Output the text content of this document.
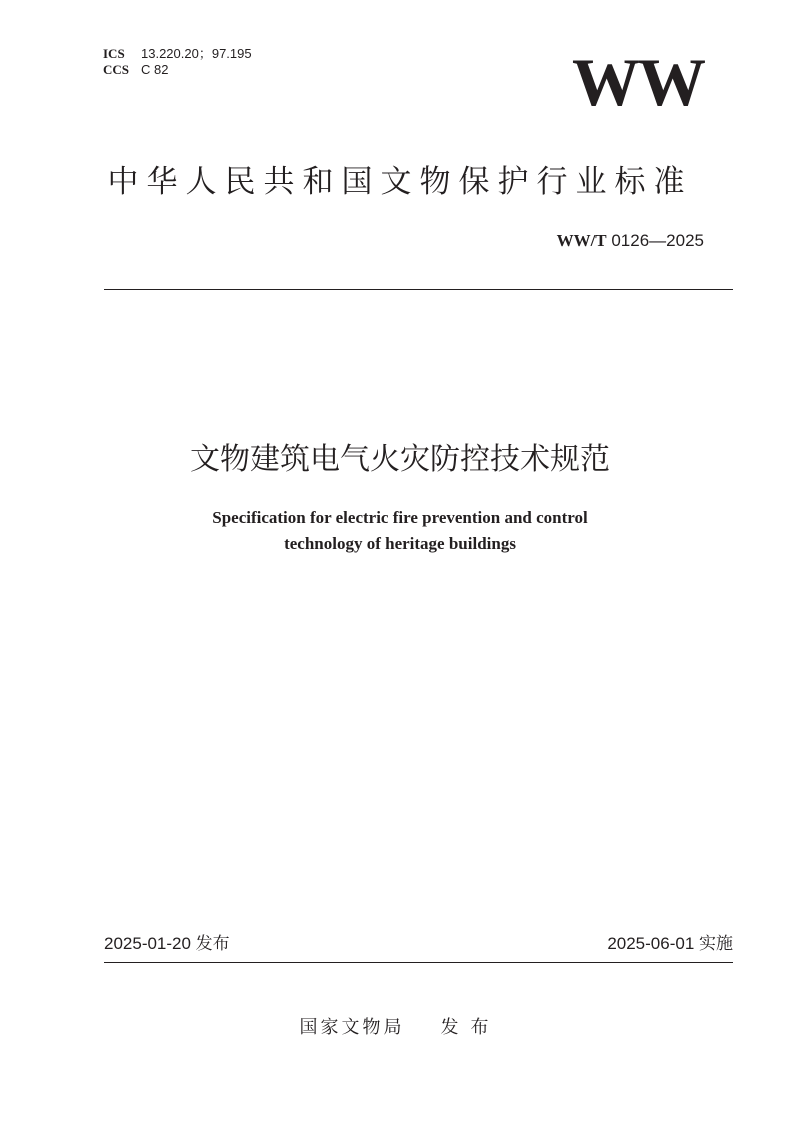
ICS	13.220.20；97.195
CCS C 82	WW
中华人民共和国文物保护行业标准
WW/T 0126—2025
文物建筑电气火灾防控技术规范
Specification for electric fire prevention and control
technology of heritage buildings
2025-01-20 发布	2025-06-01 实施
国家文物局 发布
